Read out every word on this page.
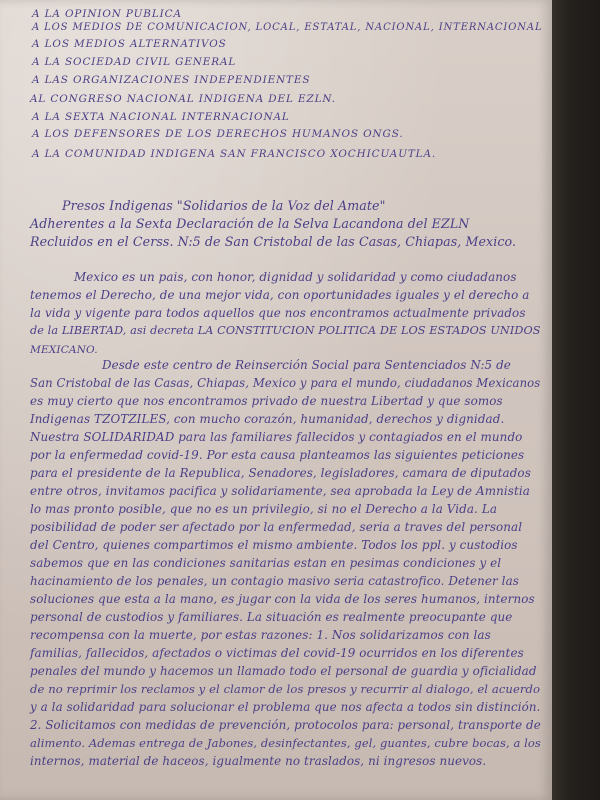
A LA OPINION PUBLICA
A LOS MEDIOS DE COMUNICACION, LOCAL, ESTATAL, NACIONAL, INTERNACIONAL
A LOS MEDIOS ALTERNATIVOS
A LA SOCIEDAD CIVIL GENERAL
A LAS ORGANIZACIONES INDEPENDIENTES
AL CONGRESO NACIONAL INDIGENA DEL EZLN.
A LA SEXTA NACIONAL INTERNACIONAL
A LOS DEFENSORES DE LOS DERECHOS HUMANOS ONGS.
A LA COMUNIDAD INDIGENA SAN FRANCISCO XOCHICUAUTLA.
Presos Indigenas "Solidarios de la Voz del Amate"
Adherentes a la Sexta Declaración de la Selva Lacandona del EZLN
Recluidos en el Cerss. N:5 de San Cristobal de las Casas, Chiapas, Mexico.
Mexico es un pais, con honor, dignidad y solidaridad y como ciudadanos
tenemos el Derecho, de una mejor vida, con oportunidades iguales y el derecho a
la vida y vigente para todos aquellos que nos encontramos actualmente privados
de la LIBERTAD, asi decreta LA CONSTITUCION POLITICA DE LOS ESTADOS UNIDOS
MEXICANO.
Desde este centro de Reinserción Social para Sentenciados N:5 de
San Cristobal de las Casas, Chiapas, Mexico y para el mundo, ciudadanos Mexicanos
es muy cierto que nos encontramos privado de nuestra Libertad y que somos
Indigenas TZOTZILES, con mucho corazón, humanidad, derechos y dignidad.
Nuestra SOLIDARIDAD para las familiares fallecidos y contagiados en el mundo
por la enfermedad covid-19. Por esta causa planteamos las siguientes peticiones
para el presidente de la Republica, Senadores, legisladores, camara de diputados
entre otros, invitamos pacifica y solidariamente, sea aprobada la Ley de Amnistia
lo mas pronto posible, que no es un privilegio, si no el Derecho a la Vida. La
posibilidad de poder ser afectado por la enfermedad, seria a traves del personal
del Centro, quienes compartimos el mismo ambiente. Todos los ppl. y custodios
sabemos que en las condiciones sanitarias estan en pesimas condiciones y el
hacinamiento de los penales, un contagio masivo seria catastrofico. Detener las
soluciones que esta a la mano, es jugar con la vida de los seres humanos, internos
personal de custodios y familiares. La situación es realmente preocupante que
recompensa con la muerte, por estas razones: 1. Nos solidarizamos con las
familias, fallecidos, afectados o victimas del covid-19 ocurridos en los diferentes
penales del mundo y hacemos un llamado todo el personal de guardia y oficialidad
de no reprimir los reclamos y el clamor de los presos y recurrir al dialogo, el acuerdo
y a la solidaridad para solucionar el problema que nos afecta a todos sin distinción.
2. Solicitamos con medidas de prevención, protocolos para: personal, transporte de
alimento. Ademas entrega de Jabones, desinfectantes, gel, guantes, cubre bocas, a los
internos, material de haceos, igualmente no traslados, ni ingresos nuevos.
